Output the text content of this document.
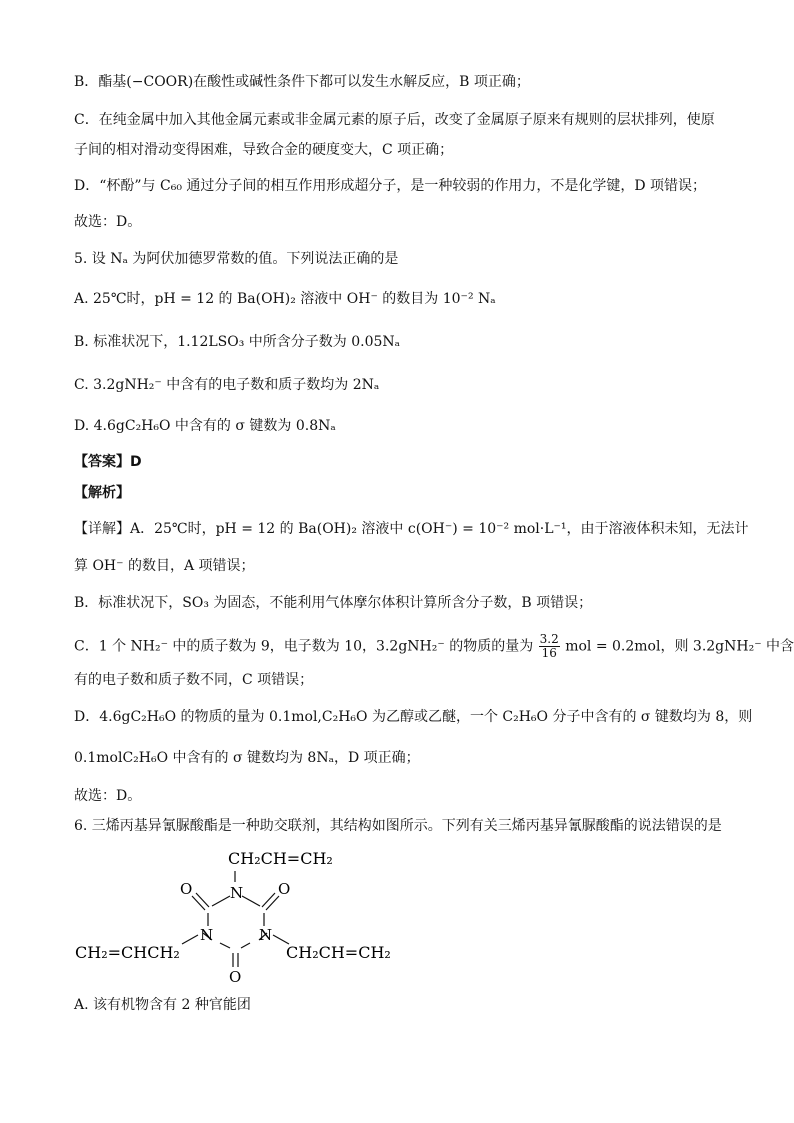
B．酯基(−COOR)在酸性或碱性条件下都可以发生水解反应，B 项正确；
C．在纯金属中加入其他金属元素或非金属元素的原子后，改变了金属原子原来有规则的层状排列，使原
子间的相对滑动变得困难，导致合金的硬度变大，C 项正确；
D．“杯酚”与 C₆₀ 通过分子间的相互作用形成超分子，是一种较弱的作用力，不是化学键，D 项错误；
故选：D。
5. 设 Nₐ 为阿伏加德罗常数的值。下列说法正确的是
A. 25℃时，pH = 12 的 Ba(OH)₂ 溶液中 OH⁻ 的数目为 10⁻² Nₐ
B. 标准状况下，1.12LSO₃ 中所含分子数为 0.05Nₐ
C. 3.2gNH₂⁻ 中含有的电子数和质子数均为 2Nₐ
D. 4.6gC₂H₆O 中含有的 σ 键数为 0.8Nₐ
【答案】D
【解析】
【详解】A．25℃时，pH = 12 的 Ba(OH)₂ 溶液中 c(OH⁻) = 10⁻² mol·L⁻¹，由于溶液体积未知，无法计
算 OH⁻ 的数目，A 项错误；
B．标准状况下，SO₃ 为固态，不能利用气体摩尔体积计算所含分子数，B 项错误；
C．1 个 NH₂⁻ 中的质子数为 9，电子数为 10，3.2gNH₂⁻ 的物质的量为 $\frac{3.2}{16}$ mol = 0.2mol，则 3.2gNH₂⁻ 中含
有的电子数和质子数不同，C 项错误；
D．4.6gC₂H₆O 的物质的量为 0.1mol,C₂H₆O 为乙醇或乙醚，一个 C₂H₆O 分子中含有的 σ 键数均为 8，则
0.1molC₂H₆O 中含有的 σ 键数均为 8Nₐ，D 项正确；
故选：D。
6. 三烯丙基异氰脲酸酯是一种助交联剂，其结构如图所示。下列有关三烯丙基异氰脲酸酯的说法错误的是
CH₂CH=CH₂
N
N	N
O	O
O
CH₂=CHCH₂	CH₂CH=CH₂
A. 该有机物含有 2 种官能团
